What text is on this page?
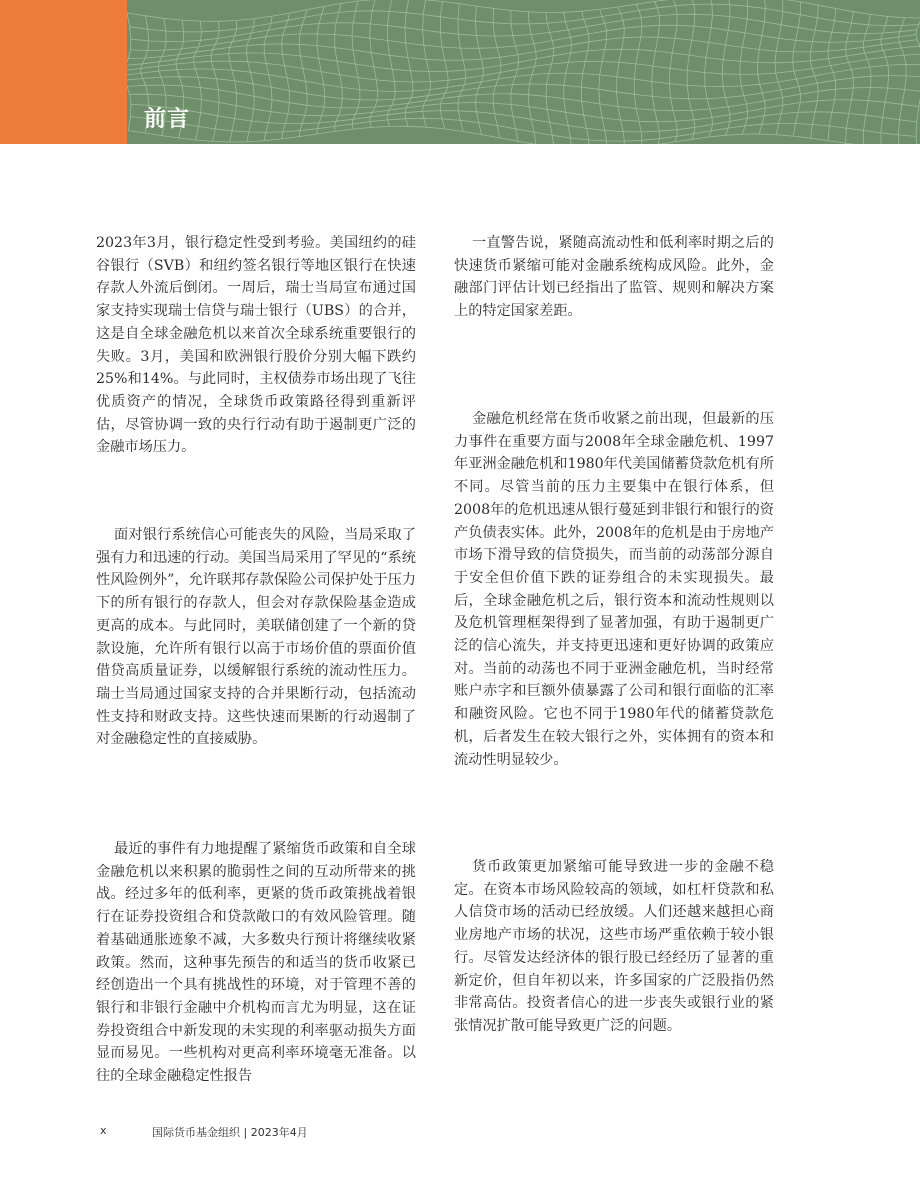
前言
2023年3月，银行稳定性受到考验。美国纽约的硅谷银行（SVB）和纽约签名银行等地区银行在快速存款人外流后倒闭。一周后，瑞士当局宣布通过国家支持实现瑞士信贷与瑞士银行（UBS）的合并，这是自全球金融危机以来首次全球系统重要银行的失败。3月，美国和欧洲银行股价分别大幅下跌约25%和14%。与此同时，主权债券市场出现了飞往优质资产的情况，全球货币政策路径得到重新评估，尽管协调一致的央行行动有助于遏制更广泛的金融市场压力。
面对银行系统信心可能丧失的风险，当局采取了强有力和迅速的行动。美国当局采用了罕见的“系统性风险例外”，允许联邦存款保险公司保护处于压力下的所有银行的存款人，但会对存款保险基金造成更高的成本。与此同时，美联储创建了一个新的贷款设施，允许所有银行以高于市场价值的票面价值借贷高质量证券，以缓解银行系统的流动性压力。瑞士当局通过国家支持的合并果断行动，包括流动性支持和财政支持。这些快速而果断的行动遏制了对金融稳定性的直接威胁。
最近的事件有力地提醒了紧缩货币政策和自全球金融危机以来积累的脆弱性之间的互动所带来的挑战。经过多年的低利率，更紧的货币政策挑战着银行在证券投资组合和贷款敞口的有效风险管理。随着基础通胀迹象不减，大多数央行预计将继续收紧政策。然而，这种事先预告的和适当的货币收紧已经创造出一个具有挑战性的环境，对于管理不善的银行和非银行金融中介机构而言尤为明显，这在证券投资组合中新发现的未实现的利率驱动损失方面显而易见。一些机构对更高利率环境毫无准备。以往的全球金融稳定性报告
一直警告说，紧随高流动性和低利率时期之后的快速货币紧缩可能对金融系统构成风险。此外，金融部门评估计划已经指出了监管、规则和解决方案上的特定国家差距。
金融危机经常在货币收紧之前出现，但最新的压力事件在重要方面与2008年全球金融危机、1997年亚洲金融危机和1980年代美国储蓄贷款危机有所不同。尽管当前的压力主要集中在银行体系，但2008年的危机迅速从银行蔓延到非银行和银行的资产负债表实体。此外，2008年的危机是由于房地产市场下滑导致的信贷损失，而当前的动荡部分源自于安全但价值下跌的证券组合的未实现损失。最后，全球金融危机之后，银行资本和流动性规则以及危机管理框架得到了显著加强，有助于遏制更广泛的信心流失，并支持更迅速和更好协调的政策应对。当前的动荡也不同于亚洲金融危机，当时经常账户赤字和巨额外债暴露了公司和银行面临的汇率和融资风险。它也不同于1980年代的储蓄贷款危机，后者发生在较大银行之外，实体拥有的资本和流动性明显较少。
货币政策更加紧缩可能导致进一步的金融不稳定。在资本市场风险较高的领域，如杠杆贷款和私人信贷市场的活动已经放缓。人们还越来越担心商业房地产市场的状况，这些市场严重依赖于较小银行。尽管发达经济体的银行股已经经历了显著的重新定价，但自年初以来，许多国家的广泛股指仍然非常高估。投资者信心的进一步丧失或银行业的紧张情况扩散可能导致更广泛的问题。
x	国际货币基金组织 | 2023年4月
